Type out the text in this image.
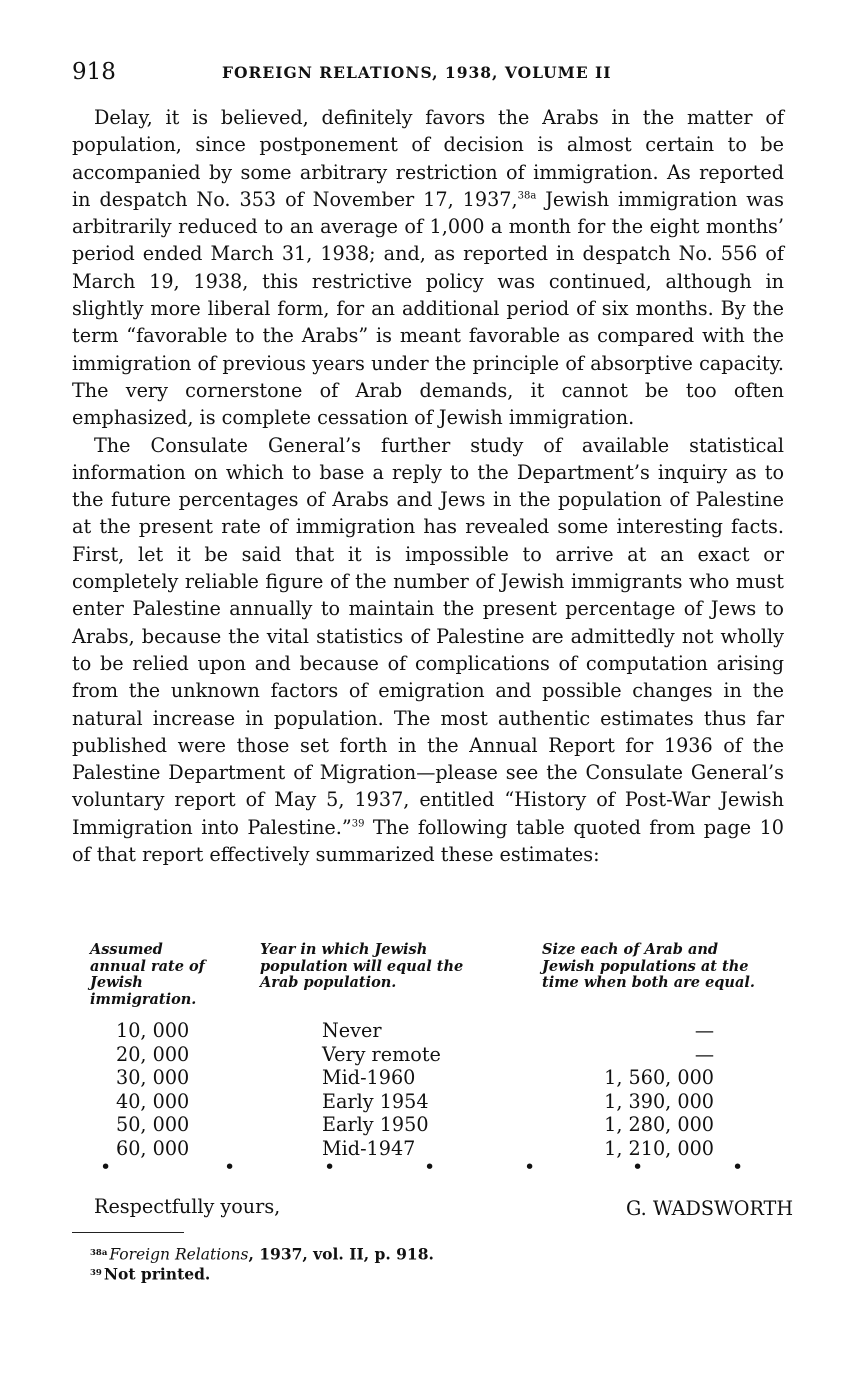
918	FOREIGN RELATIONS, 1938, VOLUME II

Delay, it is believed, definitely favors the Arabs in the matter of population, since postponement of decision is almost certain to be accompanied by some arbitrary restriction of immigration. As reported in despatch No. 353 of November 17, 1937,$^{38a}$ Jewish immigration was arbitrarily reduced to an average of 1,000 a month for the eight months’ period ended March 31, 1938; and, as reported in despatch No. 556 of March 19, 1938, this restrictive policy was continued, although in slightly more liberal form, for an additional period of six months. By the term “favorable to the Arabs” is meant favorable as compared with the immigration of previous years under the principle of absorptive capacity. The very cornerstone of Arab demands, it cannot be too often emphasized, is complete cessation of Jewish immigration.

The Consulate General’s further study of available statistical information on which to base a reply to the Department’s inquiry as to the future percentages of Arabs and Jews in the population of Palestine at the present rate of immigration has revealed some interesting facts. First, let it be said that it is impossible to arrive at an exact or completely reliable figure of the number of Jewish immigrants who must enter Palestine annually to maintain the present percentage of Jews to Arabs, because the vital statistics of Palestine are admittedly not wholly to be relied upon and because of complications of computation arising from the unknown factors of emigration and possible changes in the natural increase in population. The most authentic estimates thus far published were those set forth in the Annual Report for 1936 of the Palestine Department of Migration—please see the Consulate General’s voluntary report of May 5, 1937, entitled “History of Post-War Jewish Immigration into Palestine.”$^{39}$ The following table quoted from page 10 of that report effectively summarized these estimates:

Assumed annual rate of Jewish immigration.
Year in which Jewish population will equal the Arab population.
Size each of Arab and Jewish populations at the time when both are equal.
10, 000	Never	—
20, 000	Very remote	—
30, 000	Mid-1960	1, 560, 000
40, 000	Early 1954	1, 390, 000
50, 000	Early 1950	1, 280, 000
60, 000	Mid-1947	1, 210, 000
•	•	•	•	•	•	•
Respectfully yours,	G. WADSWORTH
$^{38a}$ Foreign Relations, 1937, vol. II, p. 918.
$^{39}$ Not printed.
